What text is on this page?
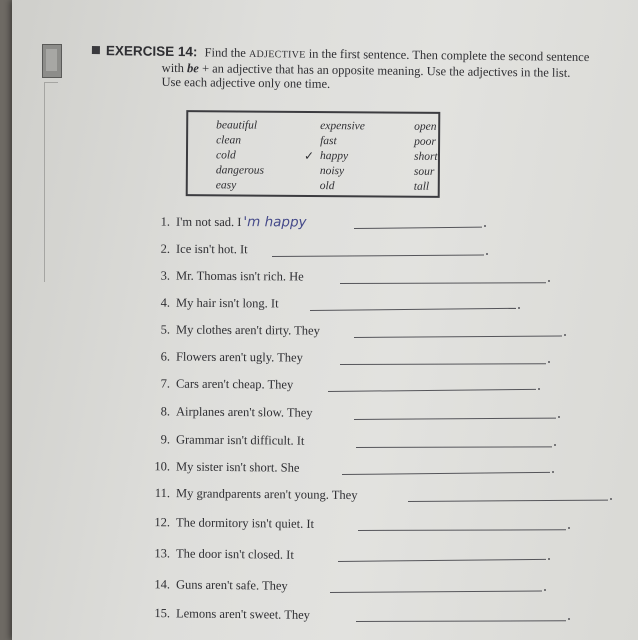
EXERCISE 14: Find the ADJECTIVE in the first sentence. Then complete the second sentence
with be + an adjective that has an opposite meaning. Use the adjectives in the list.
Use each adjective only one time.
beautiful
clean
cold
dangerous
easy
expensive
fast
✓ happy
noisy
old
open
poor
short
sour
tall
1. I'm not sad. I 'm happy
2. Ice isn't hot. It
3. Mr. Thomas isn't rich. He
4. My hair isn't long. It
5. My clothes aren't dirty. They
6. Flowers aren't ugly. They
7. Cars aren't cheap. They
8. Airplanes aren't slow. They
9. Grammar isn't difficult. It
10. My sister isn't short. She
11. My grandparents aren't young. They
12. The dormitory isn't quiet. It
13. The door isn't closed. It
14. Guns aren't safe. They
15. Lemons aren't sweet. They
